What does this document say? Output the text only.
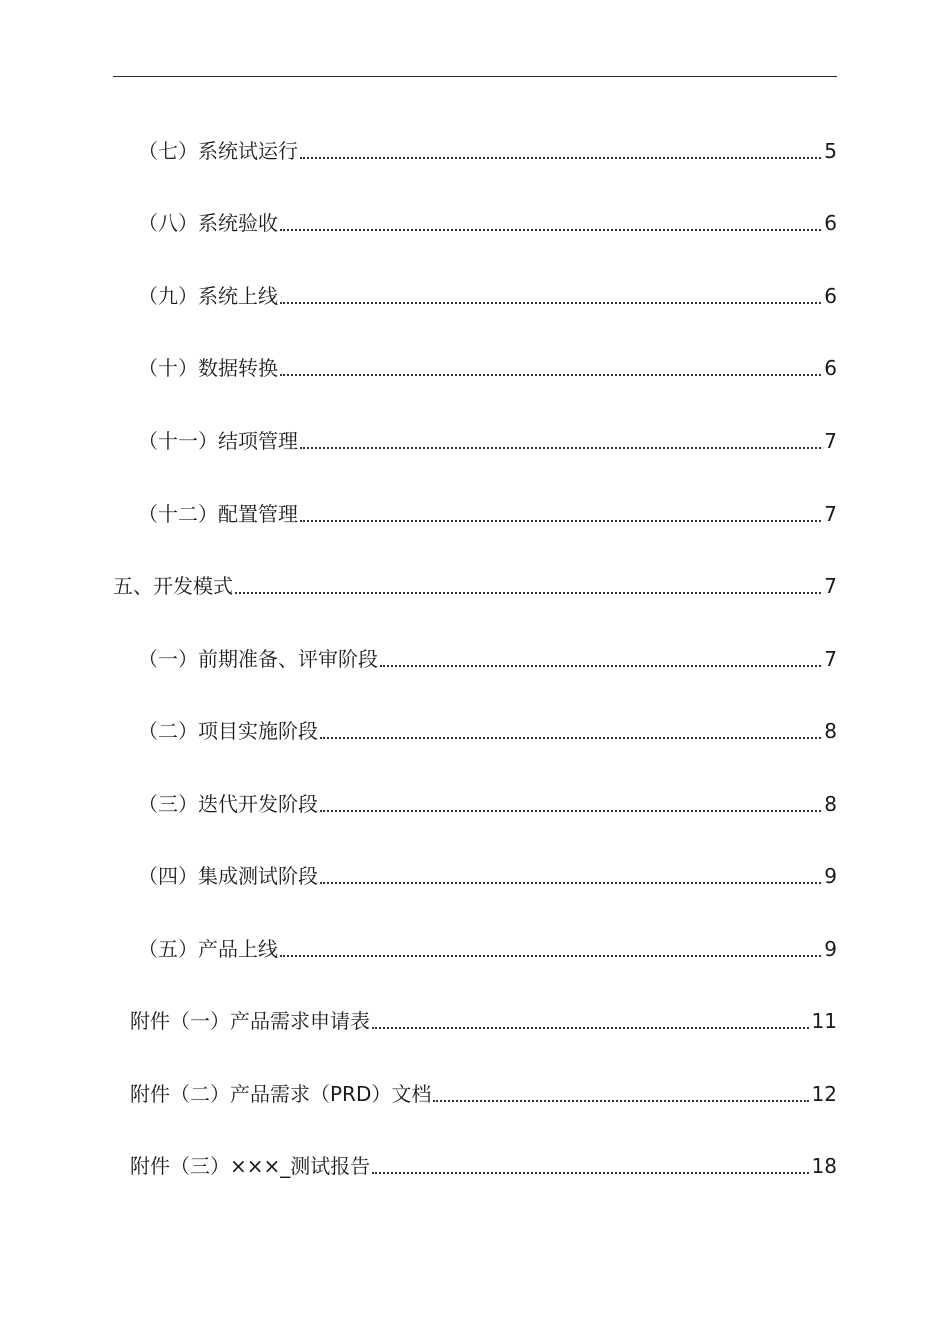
（七）系统试运行	5
（八）系统验收	6
（九）系统上线	6
（十）数据转换	6
（十一）结项管理	7
（十二）配置管理	7
五、开发模式	7
（一）前期准备、评审阶段	7
（二）项目实施阶段	8
（三）迭代开发阶段	8
（四）集成测试阶段	9
（五）产品上线	9
附件（一）产品需求申请表	11
附件（二）产品需求（PRD）文档	12
附件（三）×××_测试报告	18
